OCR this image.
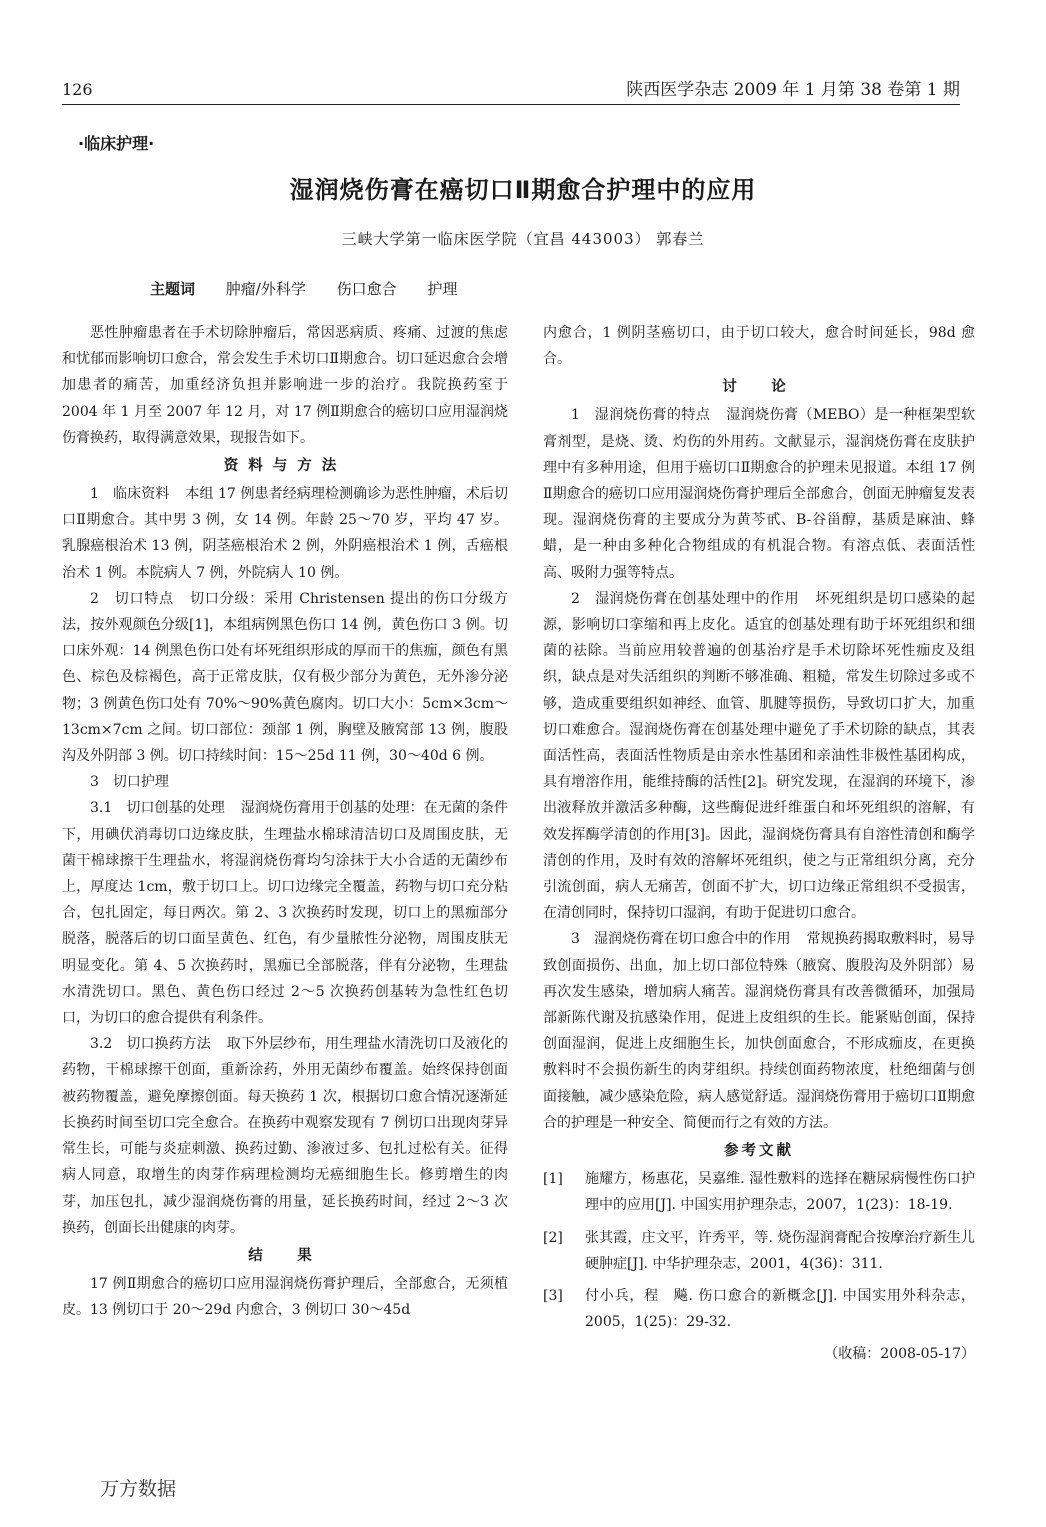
126	陕西医学杂志 2009 年 1 月第 38 卷第 1 期
·临床护理·
湿润烧伤膏在癌切口Ⅱ期愈合护理中的应用
三峡大学第一临床医学院（宜昌 443003） 郭春兰
主题词 肿瘤/外科学 伤口愈合 护理

恶性肿瘤患者在手术切除肿瘤后，常因恶病质、疼痛、过渡的焦虑和忧郁而影响切口愈合，常会发生手术切口Ⅱ期愈合。切口延迟愈合会增加患者的痛苦，加重经济负担并影响进一步的治疗。我院换药室于 2004 年 1 月至 2007 年 12 月，对 17 例Ⅱ期愈合的癌切口应用湿润烧伤膏换药，取得满意效果，现报告如下。

资料与方法

1　临床资料 本组 17 例患者经病理检测确诊为恶性肿瘤，术后切口Ⅱ期愈合。其中男 3 例，女 14 例。年龄 25～70 岁，平均 47 岁。乳腺癌根治术 13 例，阴茎癌根治术 2 例，外阴癌根治术 1 例，舌癌根治术 1 例。本院病人 7 例，外院病人 10 例。

2　切口特点 切口分级：采用 Christensen 提出的伤口分级方法，按外观颜色分级[1]，本组病例黑色伤口 14 例，黄色伤口 3 例。切口床外观：14 例黑色伤口处有坏死组织形成的厚而干的焦痂，颜色有黑色、棕色及棕褐色，高于正常皮肤，仅有极少部分为黄色，无外渗分泌物；3 例黄色伤口处有 70%～90%黄色腐肉。切口大小：5cm×3cm～13cm×7cm 之间。切口部位：颈部 1 例，胸壁及腋窝部 13 例，腹股沟及外阴部 3 例。切口持续时间：15～25d 11 例，30～40d 6 例。

3　切口护理

3.1　切口创基的处理 湿润烧伤膏用于创基的处理：在无菌的条件下，用碘伏消毒切口边缘皮肤，生理盐水棉球清洁切口及周围皮肤，无菌干棉球擦干生理盐水，将湿润烧伤膏均匀涂抹于大小合适的无菌纱布上，厚度达 1cm，敷于切口上。切口边缘完全覆盖，药物与切口充分粘合，包扎固定，每日两次。第 2、3 次换药时发现，切口上的黑痂部分脱落，脱落后的切口面呈黄色、红色，有少量脓性分泌物，周围皮肤无明显变化。第 4、5 次换药时，黑痂已全部脱落，伴有分泌物，生理盐水清洗切口。黑色、黄色伤口经过 2～5 次换药创基转为急性红色切口，为切口的愈合提供有利条件。

3.2　切口换药方法 取下外层纱布，用生理盐水清洗切口及液化的药物，干棉球擦干创面，重新涂药，外用无菌纱布覆盖。始终保持创面被药物覆盖，避免摩擦创面。每天换药 1 次，根据切口愈合情况逐渐延长换药时间至切口完全愈合。在换药中观察发现有 7 例切口出现肉芽异常生长，可能与炎症刺激、换药过勤、渗液过多、包扎过松有关。征得病人同意，取增生的肉芽作病理检测均无癌细胞生长。修剪增生的肉芽，加压包扎，减少湿润烧伤膏的用量，延长换药时间，经过 2～3 次换药，创面长出健康的肉芽。

结　果

17 例Ⅱ期愈合的癌切口应用湿润烧伤膏护理后，全部愈合，无须植皮。13 例切口于 20～29d 内愈合，3 例切口 30～45d

内愈合，1 例阴茎癌切口，由于切口较大，愈合时间延长，98d 愈合。

讨　论

1　湿润烧伤膏的特点 湿润烧伤膏（MEBO）是一种框架型软膏剂型，是烧、烫、灼伤的外用药。文献显示，湿润烧伤膏在皮肤护理中有多种用途，但用于癌切口Ⅱ期愈合的护理未见报道。本组 17 例Ⅱ期愈合的癌切口应用湿润烧伤膏护理后全部愈合，创面无肿瘤复发表现。湿润烧伤膏的主要成分为黄芩甙、B-谷甾醇，基质是麻油、蜂蜡，是一种由多种化合物组成的有机混合物。有溶点低、表面活性高、吸附力强等特点。

2　湿润烧伤膏在创基处理中的作用 坏死组织是切口感染的起源，影响切口挛缩和再上皮化。适宜的创基处理有助于坏死组织和细菌的祛除。当前应用较普遍的创基治疗是手术切除坏死性痂皮及组织，缺点是对失活组织的判断不够准确、粗糙，常发生切除过多或不够，造成重要组织如神经、血管、肌腱等损伤，导致切口扩大，加重切口难愈合。湿润烧伤膏在创基处理中避免了手术切除的缺点，其表面活性高，表面活性物质是由亲水性基团和亲油性非极性基团构成，具有增溶作用，能维持酶的活性[2]。研究发现，在湿润的环境下，渗出液释放并激活多种酶，这些酶促进纤维蛋白和坏死组织的溶解，有效发挥酶学清创的作用[3]。因此，湿润烧伤膏具有自溶性清创和酶学清创的作用，及时有效的溶解坏死组织，使之与正常组织分离，充分引流创面，病人无痛苦，创面不扩大，切口边缘正常组织不受损害，在清创同时，保持切口湿润，有助于促进切口愈合。

3　湿润烧伤膏在切口愈合中的作用 常规换药揭取敷料时，易导致创面损伤、出血，加上切口部位特殊（腋窝、腹股沟及外阴部）易再次发生感染，增加病人痛苦。湿润烧伤膏具有改善微循环，加强局部新陈代谢及抗感染作用，促进上皮组织的生长。能紧贴创面，保持创面湿润，促进上皮细胞生长，加快创面愈合，不形成痂皮，在更换敷料时不会损伤新生的肉芽组织。持续创面药物浓度，杜绝细菌与创面接触，减少感染危险，病人感觉舒适。湿润烧伤膏用于癌切口Ⅱ期愈合的护理是一种安全、简便而行之有效的方法。

参考文献
[1]	施耀方，杨惠花，吴嘉维. 湿性敷料的选择在糖尿病慢性伤口护理中的应用[J]. 中国实用护理杂志，2007，1(23)：18-19.
[2]	张其霞，庄文平，许秀平，等. 烧伤湿润膏配合按摩治疗新生儿硬肿症[J]. 中华护理杂志，2001，4(36)：311.
[3]	付小兵，程　飚. 伤口愈合的新概念[J]. 中国实用外科杂志，2005，1(25)：29-32.

（收稿：2008-05-17）

万方数据
